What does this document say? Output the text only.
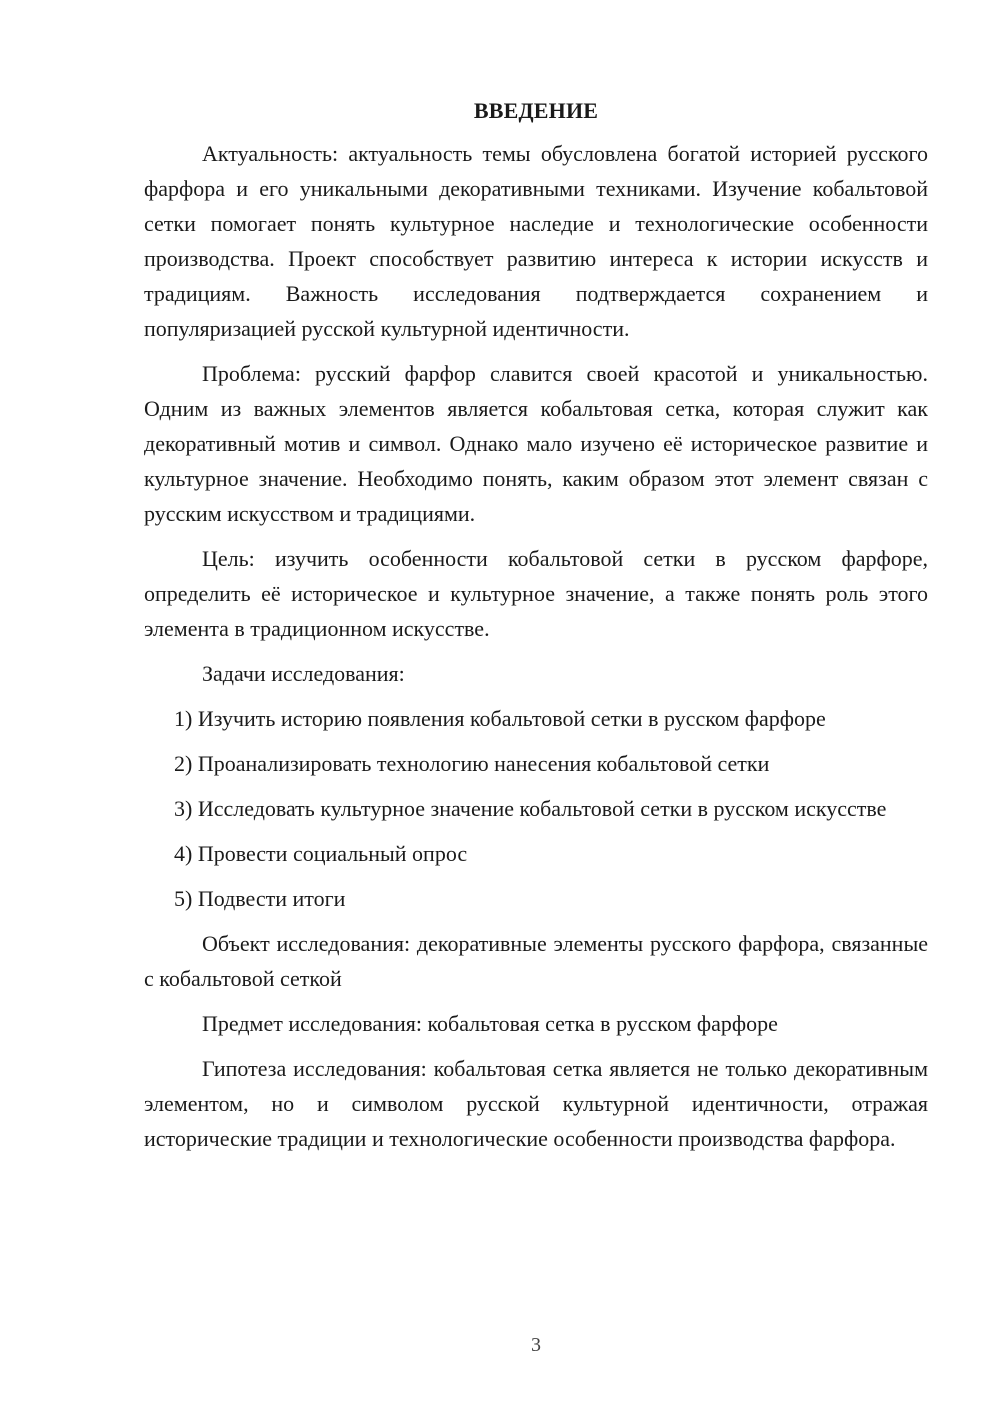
ВВЕДЕНИЕ

Актуальность: актуальность темы обусловлена богатой историей русского фарфора и его уникальными декоративными техниками. Изучение кобальтовой сетки помогает понять культурное наследие и технологические особенности производства. Проект способствует развитию интереса к истории искусств и традициям. Важность исследования подтверждается сохранением и популяризацией русской культурной идентичности.

Проблема: русский фарфор славится своей красотой и уникальностью. Одним из важных элементов является кобальтовая сетка, которая служит как декоративный мотив и символ. Однако мало изучено её историческое развитие и культурное значение. Необходимо понять, каким образом этот элемент связан с русским искусством и традициями.

Цель: изучить особенности кобальтовой сетки в русском фарфоре, определить её историческое и культурное значение, а также понять роль этого элемента в традиционном искусстве.

Задачи исследования:

1) Изучить историю появления кобальтовой сетки в русском фарфоре

2) Проанализировать технологию нанесения кобальтовой сетки

3) Исследовать культурное значение кобальтовой сетки в русском искусстве

4) Провести социальный опрос

5) Подвести итоги

Объект исследования: декоративные элементы русского фарфора, связанные с кобальтовой сеткой

Предмет исследования: кобальтовая сетка в русском фарфоре

Гипотеза исследования: кобальтовая сетка является не только декоративным элементом, но и символом русской культурной идентичности, отражая исторические традиции и технологические особенности производства фарфора.

3
